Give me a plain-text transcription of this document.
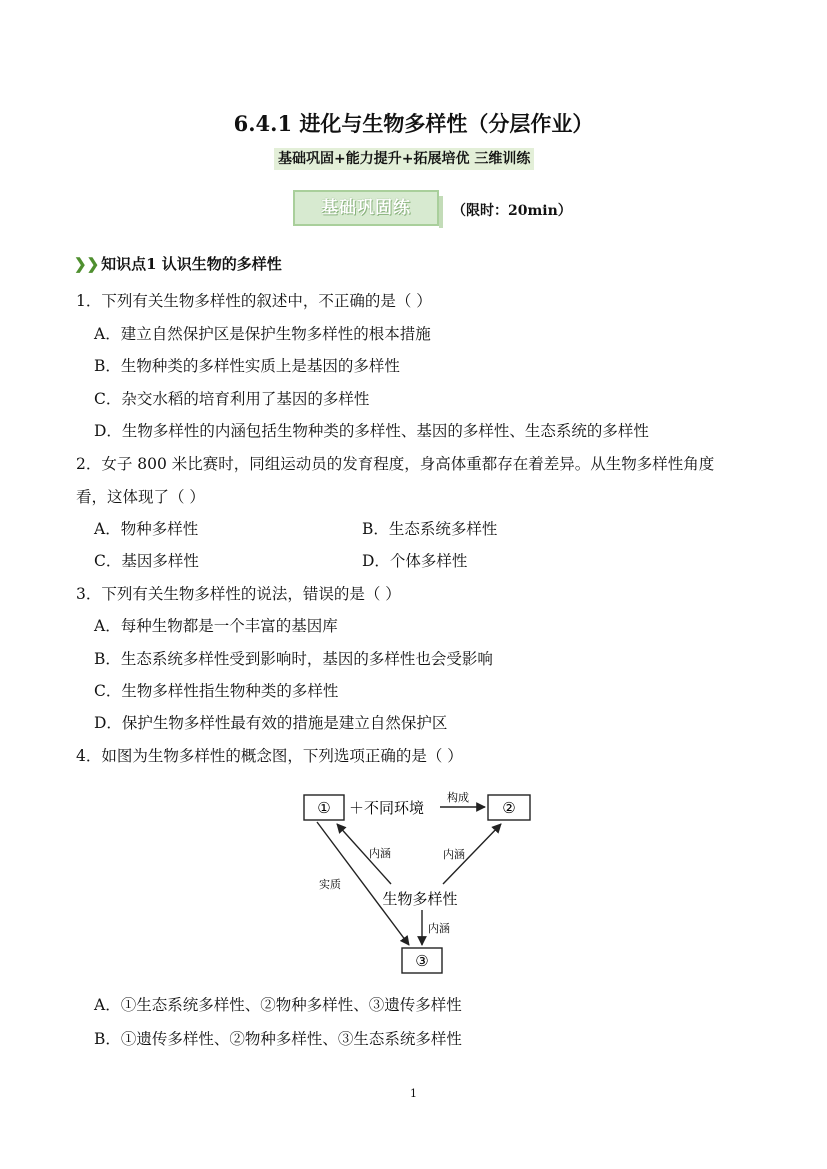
6.4.1 进化与生物多样性（分层作业）
基础巩固+能力提升+拓展培优 三维训练
基础巩固练	（限时：20min）
❯❯ 知识点1 认识生物的多样性
1．下列有关生物多样性的叙述中，不正确的是（ ）
A．建立自然保护区是保护生物多样性的根本措施
B．生物种类的多样性实质上是基因的多样性
C．杂交水稻的培育利用了基因的多样性
D．生物多样性的内涵包括生物种类的多样性、基因的多样性、生态系统的多样性
2．女子 800 米比赛时，同组运动员的发育程度，身高体重都存在着差异。从生物多样性角度
看，这体现了（ ）
A．物种多样性	B．生态系统多样性
C．基因多样性	D．个体多样性
3．下列有关生物多样性的说法，错误的是（ ）
A．每种生物都是一个丰富的基因库
B．生态系统多样性受到影响时，基因的多样性也会受影响
C．生物多样性指生物种类的多样性
D．保护生物多样性最有效的措施是建立自然保护区
4．如图为生物多样性的概念图，下列选项正确的是（ ）
①	②
③
＋不同环境
构成
实质
内涵	内涵
生物多样性
内涵
A．①生态系统多样性、②物种多样性、③遗传多样性
B．①遗传多样性、②物种多样性、③生态系统多样性
1
